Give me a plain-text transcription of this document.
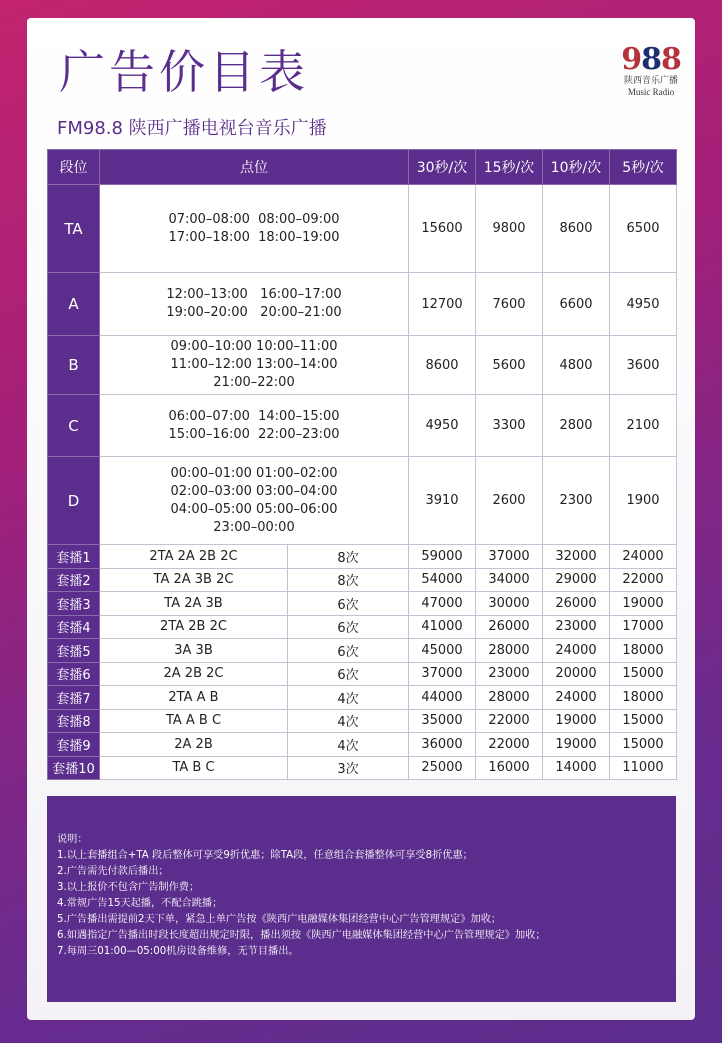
广告价目表
FM98.8 陕西广播电视台音乐广播
988
陕西音乐广播
Music Radio
段位	点位		30秒/次	15秒/次	10秒/次	5秒/次
TA	07:00–08:00  08:00–09:00
17:00–18:00  18:00–19:00		15600	9800	8600	6500
A	12:00–13:00   16:00–17:00
19:00–20:00   20:00–21:00		12700	7600	6600	4950
B	09:00–10:00 10:00–11:00
11:00–12:00 13:00–14:00
21:00–22:00		8600	5600	4800	3600
C	06:00–07:00  14:00–15:00
15:00–16:00  22:00–23:00		4950	3300	2800	2100
D	00:00–01:00 01:00–02:00
02:00–03:00 03:00–04:00
04:00–05:00 05:00–06:00
23:00–00:00		3910	2600	2300	1900
套播1	2TA 2A 2B 2C	8次	59000	37000	32000	24000
套播2	TA 2A 3B 2C	8次	54000	34000	29000	22000
套播3	TA 2A 3B	6次	47000	30000	26000	19000
套播4	2TA 2B 2C	6次	41000	26000	23000	17000
套播5	3A 3B	6次	45000	28000	24000	18000
套播6	2A 2B 2C	6次	37000	23000	20000	15000
套播7	2TA A B	4次	44000	28000	24000	18000
套播8	TA A B C	4次	35000	22000	19000	15000
套播9	2A 2B	4次	36000	22000	19000	15000
套播10	TA B C	3次	25000	16000	14000	11000
说明：
1.以上套播组合+TA 段后整体可享受9折优惠；除TA段，任意组合套播整体可享受8折优惠；
2.广告需先付款后播出；
3.以上报价不包含广告制作费；
4.常规广告15天起播，不配合跳播；
5.广告播出需提前2天下单，紧急上单广告按《陕西广电融媒体集团经营中心广告管理规定》加收；
6.如遇指定广告播出时段长度超出规定时限，播出须按《陕西广电融媒体集团经营中心广告管理规定》加收；
7.每周三01:00—05:00机房设备维修，无节目播出。
